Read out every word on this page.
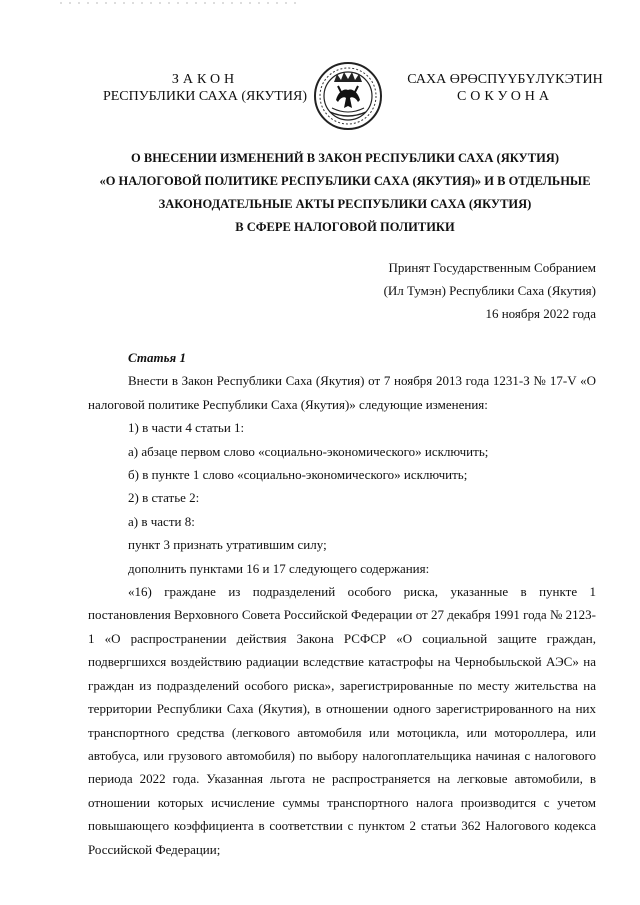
ЗАКОН
РЕСПУБЛИКИ САХА (ЯКУТИЯ)
САХА ӨРӨСПҮҮБҮЛҮКЭТИН
СОКУОНА
О ВНЕСЕНИИ ИЗМЕНЕНИЙ В ЗАКОН РЕСПУБЛИКИ САХА (ЯКУТИЯ)
«О НАЛОГОВОЙ ПОЛИТИКЕ РЕСПУБЛИКИ САХА (ЯКУТИЯ)» И В ОТДЕЛЬНЫЕ
ЗАКОНОДАТЕЛЬНЫЕ АКТЫ РЕСПУБЛИКИ САХА (ЯКУТИЯ)
В СФЕРЕ НАЛОГОВОЙ ПОЛИТИКИ
Принят Государственным Собранием
(Ил Тумэн) Республики Саха (Якутия)
16 ноября 2022 года

Статья 1

Внести в Закон Республики Саха (Якутия) от 7 ноября 2013 года 1231-З № 17-V «О налоговой политике Республики Саха (Якутия)» следующие изменения:

1) в части 4 статьи 1:

а) абзаце первом слово «социально-экономического» исключить;

б) в пункте 1 слово «социально-экономического» исключить;

2) в статье 2:

а) в части 8:

пункт 3 признать утратившим силу;

дополнить пунктами 16 и 17 следующего содержания:

«16) граждане из подразделений особого риска, указанные в пункте 1 постановления Верховного Совета Российской Федерации от 27 декабря 1991 года № 2123-1 «О распространении действия Закона РСФСР «О социальной защите граждан, подвергшихся воздействию радиации вследствие катастрофы на Чернобыльской АЭС» на граждан из подразделений особого риска», зарегистрированные по месту жительства на территории Республики Саха (Якутия), в отношении одного зарегистрированного на них транспортного средства (легкового автомобиля или мотоцикла, или мотороллера, или автобуса, или грузового автомобиля) по выбору налогоплательщика начиная с налогового периода 2022 года. Указанная льгота не распространяется на легковые автомобили, в отношении которых исчисление суммы транспортного налога производится с учетом повышающего коэффициента в соответствии с пунктом 2 статьи 362 Налогового кодекса Российской Федерации;
